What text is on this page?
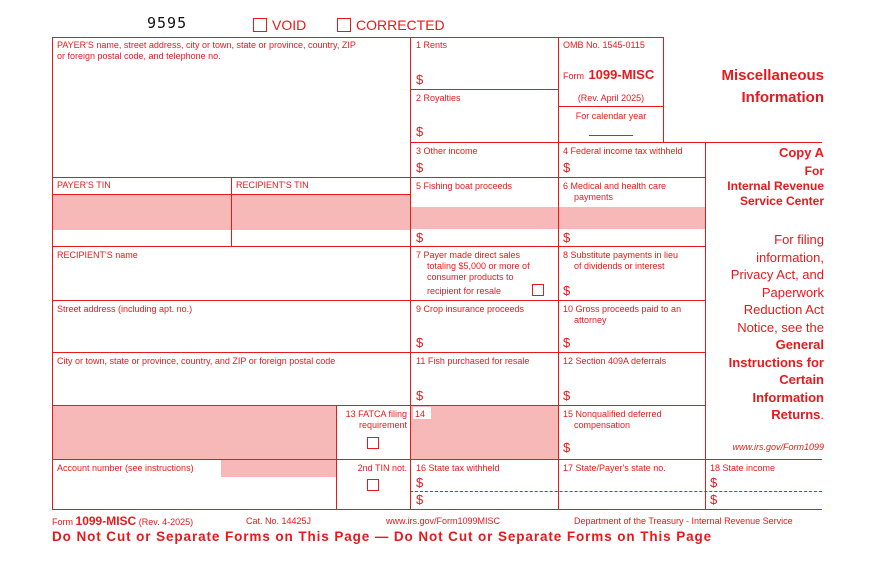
9595	VOID	CORRECTED
PAYER'S name, street address, city or town, state or province, country, ZIP
or foreign postal code, and telephone no.
PAYER'S TIN	RECIPIENT'S TIN
RECIPIENT'S name
Street address (including apt. no.)
City or town, state or province, country, and ZIP or foreign postal code
13 FATCA filing
requirement
Account number (see instructions)	2nd TIN not.
1 Rents
$
2 Royalties
$
3 Other income
$
5 Fishing boat proceeds
$
7 Payer made direct sales
totaling $5,000 or more of
consumer products to
recipient for resale
9 Crop insurance proceeds
$
11 Fish purchased for resale
$
14
16 State tax withheld
$
$
OMB No. 1545-0115
Form 1099-MISC
(Rev. April 2025)
For calendar year
4 Federal income tax withheld
$
6 Medical and health care
payments
$
8 Substitute payments in lieu
of dividends or interest
$
10 Gross proceeds paid to an
attorney
$
12 Section 409A deferrals
$
15 Nonqualified deferred
compensation
$
17 State/Payer's state no.
Miscellaneous
Information
Copy A
For
Internal Revenue
Service Center
For filing
information,
Privacy Act, and
Paperwork
Reduction Act
Notice, see the
General
Instructions for
Certain
Information
Returns.
www.irs.gov/Form1099
18 State income
$
$
Form 1099-MISC (Rev. 4-2025)	Cat. No. 14425J	www.irs.gov/Form1099MISC	Department of the Treasury - Internal Revenue Service
Do Not Cut or Separate Forms on This Page — Do Not Cut or Separate Forms on This Page
